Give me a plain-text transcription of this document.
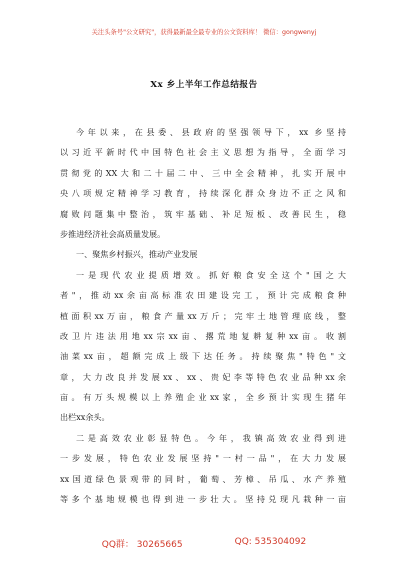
关注头条号"公文研究"，获得最新最全最专业的公文资料库！ 微信：gongwenyj
Xx 乡上半年工作总结报告
今年以来，在县委、县政府的坚强领导下，xx 乡坚持
以习近平新时代中国特色社会主义思想为指导，全面学习
贯彻党的XX大和二十届二中、三中全会精神，扎实开展中
央八项规定精神学习教育，持续深化群众身边不正之风和
腐败问题集中整治，筑牢基础、补足短板、改善民生，稳
步推进经济社会高质量发展。
一、聚焦乡村振兴，推动产业发展
一是现代农业提质增效。抓好粮食安全这个"国之大
者"，推动xx余亩高标准农田建设完工，预计完成粮食种
植面积xx万亩，粮食产量xx万斤；完牢土地管理底线，整
改卫片违法用地xx宗xx亩、撂荒地复耕复种xx亩。收割
油菜xx亩，超额完成上级下达任务。持续聚焦"特色"文
章，大力改良并发展xx、xx、贵妃李等特色农业品种xx余
亩。有万头规模以上养殖企业xx家，全乡预计实现生猪年
出栏xx余头。
二是高效农业彰显特色。今年，我镇高效农业得到进
一步发展，特色农业发展坚持"一村一品"，在大力发展
xx国道绿色景观带的同时，葡萄、芳樟、吊瓜、水产养殖
等多个基地规模也得到进一步壮大。坚持兑现凡栽种一亩
QQ群： 30265665	QQ: 535304092
